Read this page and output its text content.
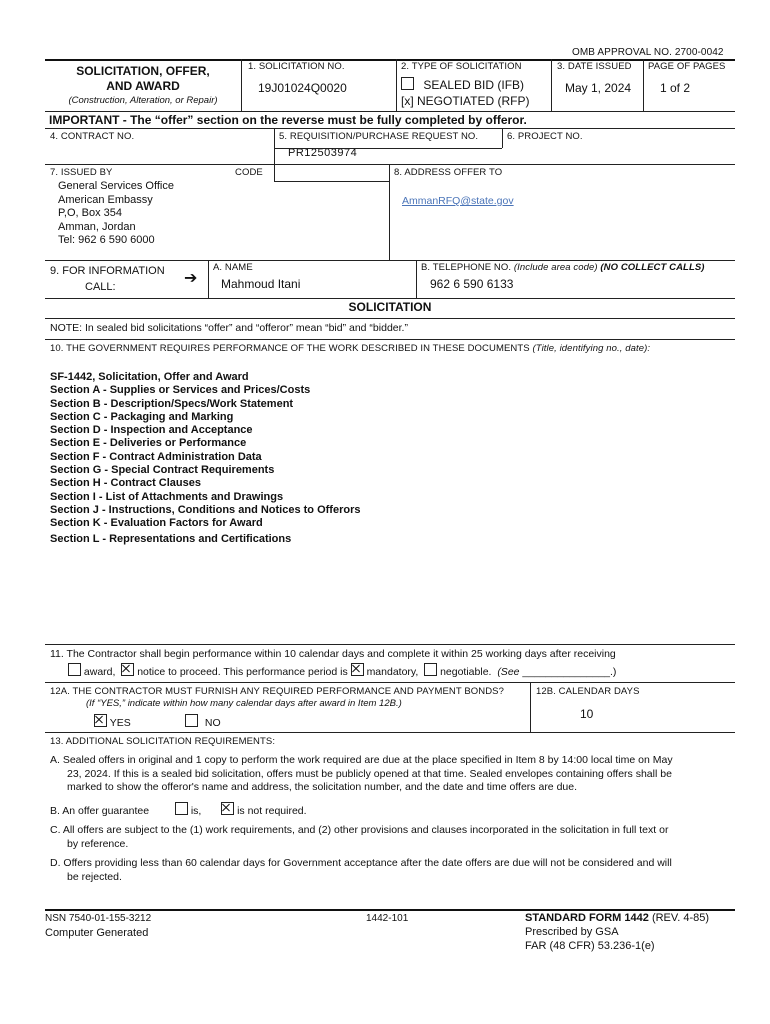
OMB APPROVAL NO. 2700-0042
SOLICITATION, OFFER,
AND AWARD
(Construction, Alteration, or Repair)
1. SOLICITATION NO.
19J01024Q0020
2. TYPE OF SOLICITATION
SEALED BID (IFB)
[x] NEGOTIATED (RFP)
3. DATE ISSUED
May 1, 2024
PAGE OF PAGES
1 of 2
IMPORTANT - The “offer” section on the reverse must be fully completed by offeror.
4. CONTRACT NO.	5. REQUISITION/PURCHASE REQUEST NO.
PR12503974
6. PROJECT NO.
7. ISSUED BY	CODE
General Services Office
American Embassy
P,O, Box 354
Amman, Jordan
Tel: 962 6 590 6000
8. ADDRESS OFFER TO
AmmanRFQ@state.gov
9. FOR INFORMATION
CALL:	➔
A. NAME
Mahmoud Itani
B. TELEPHONE NO. (Include area code) (NO COLLECT CALLS)
962 6 590 6133
SOLICITATION
NOTE: In sealed bid solicitations “offer” and “offeror” mean “bid” and “bidder.”
10. THE GOVERNMENT REQUIRES PERFORMANCE OF THE WORK DESCRIBED IN THESE DOCUMENTS (Title, identifying no., date):
SF-1442, Solicitation, Offer and Award
Section A - Supplies or Services and Prices/Costs
Section B - Description/Specs/Work Statement
Section C - Packaging and Marking
Section D - Inspection and Acceptance
Section E - Deliveries or Performance
Section F - Contract Administration Data
Section G - Special Contract Requirements
Section H - Contract Clauses
Section I - List of Attachments and Drawings
Section J - Instructions, Conditions and Notices to Offerors
Section K - Evaluation Factors for Award
Section L - Representations and Certifications
11. The Contractor shall begin performance within 10 calendar days and complete it within 25 working days after receiving
award, notice to proceed. This performance period is mandatory, negotiable. (See _______________.)
12A. THE CONTRACTOR MUST FURNISH ANY REQUIRED PERFORMANCE AND PAYMENT BONDS?
(If “YES,” indicate within how many calendar days after award in Item 12B.)
YES	NO
12B. CALENDAR DAYS
10
13. ADDITIONAL SOLICITATION REQUIREMENTS:
A. Sealed offers in original and 1 copy to perform the work required are due at the place specified in Item 8 by 14:00 local time on May
23, 2024. If this is a sealed bid solicitation, offers must be publicly opened at that time. Sealed envelopes containing offers shall be
marked to show the offeror's name and address, the solicitation number, and the date and time offers are due.
B. An offer guarantee	is,	is not required.
C. All offers are subject to the (1) work requirements, and (2) other provisions and clauses incorporated in the solicitation in full text or
by reference.
D. Offers providing less than 60 calendar days for Government acceptance after the date offers are due will not be considered and will
be rejected.
NSN 7540-01-155-3212
Computer Generated
1442-101	STANDARD FORM 1442 (REV. 4-85)
Prescribed by GSA
FAR (48 CFR) 53.236-1(e)
